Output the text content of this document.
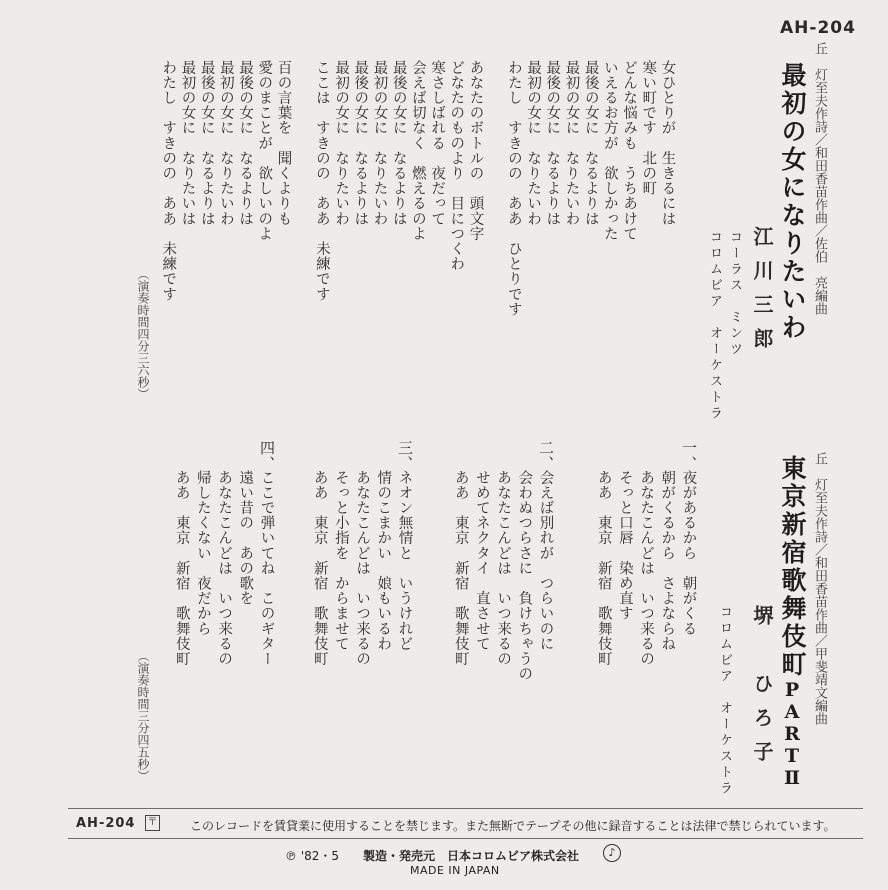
AH-204
丘　灯至夫作詩／和田香苗作曲／佐伯　亮編曲
最初の女になりたいわ
江川三郎
コーラス　ミンツ
コロムビア　オーケストラ
女ひとりが　生きるには
寒い町です　北の町
どんな悩みも　うちあけて
いえるお方が　欲しかった
最後の女に　なるよりは
最初の女に　なりたいわ
最後の女に　なるよりは
最初の女に　なりたいわ
わたし　すきのの　ああ　ひとりです
あなたのボトルの　頭文字
どなたのものより　目につくわ
寒さしばれる　夜だって
会えば切なく　燃えるのよ
最後の女に　なるよりは
最初の女に　なりたいわ
最後の女に　なるよりは
最初の女に　なりたいわ
ここは　すきのの　ああ　未練です
百の言葉を　聞くよりも
愛のまことが　欲しいのよ
最後の女に　なるよりは
最初の女に　なりたいわ
最後の女に　なるよりは
最初の女に　なりたいは
わたし　すきのの　ああ　未練です
（演奏時間四分三六秒）
丘　灯至夫作詩／和田香苗作曲／甲斐靖文編曲
東京新宿歌舞伎町PARTⅡ
堺　ひろ子
コロムビア　オーケストラ
一、
夜があるから　朝がくる
朝がくるから　さよならね
あなたこんどは　いつ来るの
そっと口唇　染め直す
ああ　東京　新宿　歌舞伎町
二、
会えば別れが　つらいのに
会わぬつらさに　負けちゃうの
あなたこんどは　いつ来るの
せめてネクタイ　直させて
ああ　東京　新宿　歌舞伎町
三、
ネオン無情と　いうけれど
情のこまかい　娘もいるわ
あなたこんどは　いつ来るの
そっと小指を　からませて
ああ　東京　新宿　歌舞伎町
四、
ここで弾いてね　このギター
遠い昔の　あの歌を
あなたこんどは　いつ来るの
帰したくない　夜だから
ああ　東京　新宿　歌舞伎町
（演奏時間三分四五秒）
AH-204 〒	このレコードを賃貸業に使用することを禁じます。また無断でテープその他に録音することは法律で禁じられています。
℗ '82・5 製造・発売元　日本コロムビア株式会社	♪
MADE IN JAPAN
